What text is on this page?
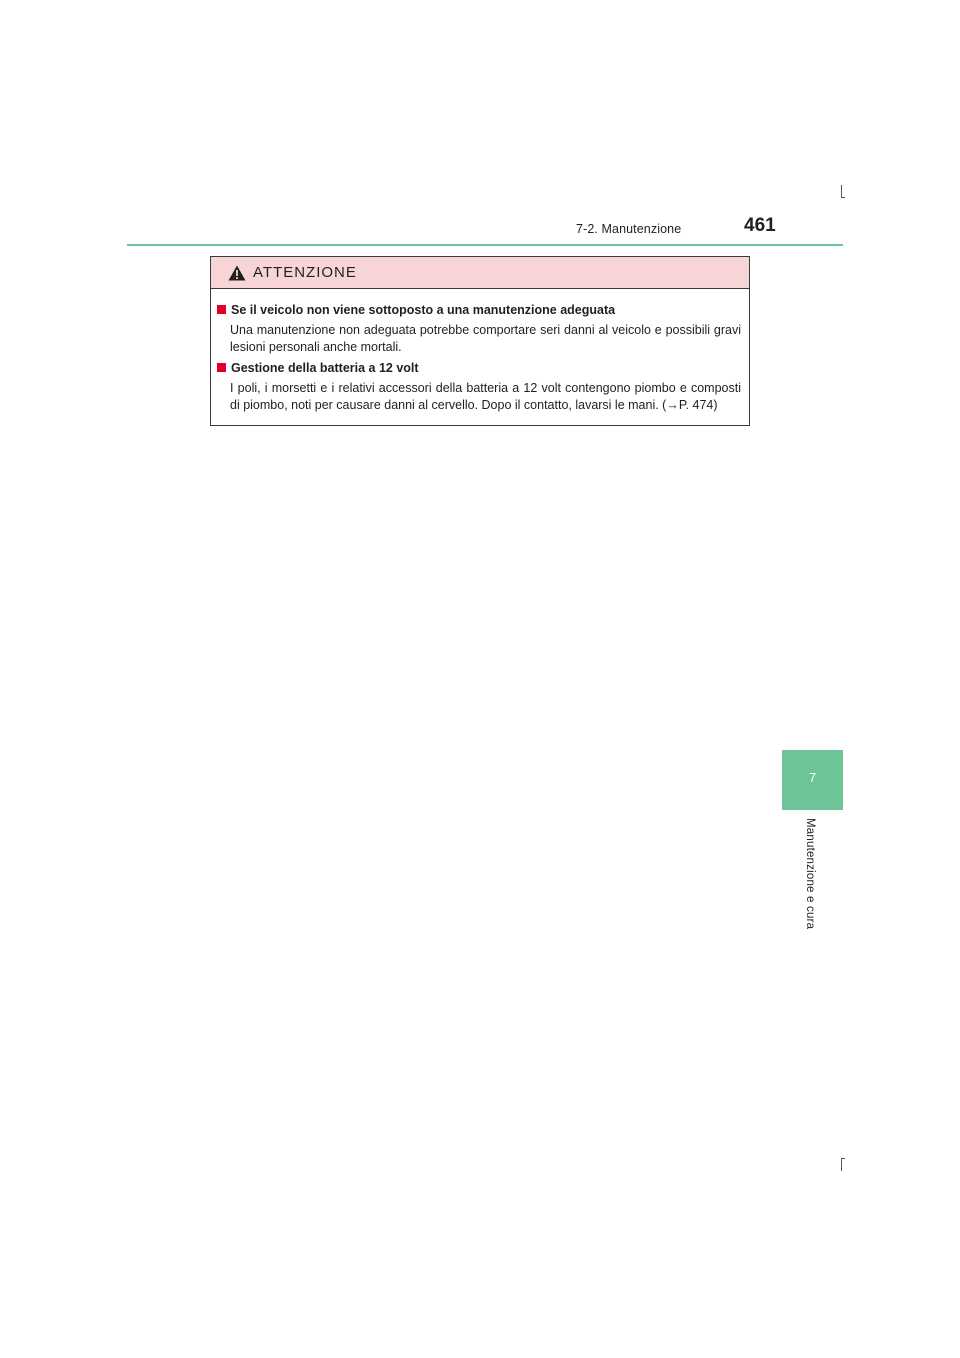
7-2. Manutenzione	461
7
Manutenzione e cura
ATTENZIONE
Se il veicolo non viene sottoposto a una manutenzione adeguata
Una manutenzione non adeguata potrebbe comportare seri danni al veicolo e possibili gravi lesioni personali anche mortali.
Gestione della batteria a 12 volt
I poli, i morsetti e i relativi accessori della batteria a 12 volt contengono piombo e composti di piombo, noti per causare danni al cervello. Dopo il contatto, lavarsi le mani. (→P. 474)
